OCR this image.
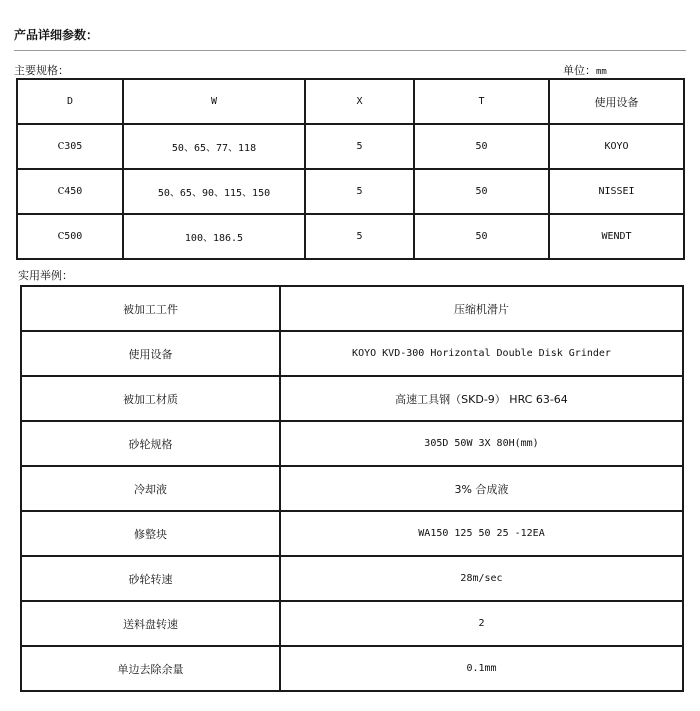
产品详细参数：
主要规格：	单位：mm
D	W	X	T	使用设备
Ⲥ305	50、65、77、118	5	50	KOYO
Ⲥ450	50、65、90、115、150	5	50	NISSEI
Ⲥ500	100、186.5	5	50	WENDT
实用举例：
被加工工件	压缩机滑片
使用设备	KOYO KVD-300 Horizontal Double Disk Grinder
被加工材质	高速工具钢（SKD-9） HRC 63-64
砂轮规格	305D 50W 3X 80H(mm)
冷却液	3% 合成液
修整块	WA150 125 50 25 -12EA
砂轮转速	28m/sec
送料盘转速	2
单边去除余量	0.1mm
